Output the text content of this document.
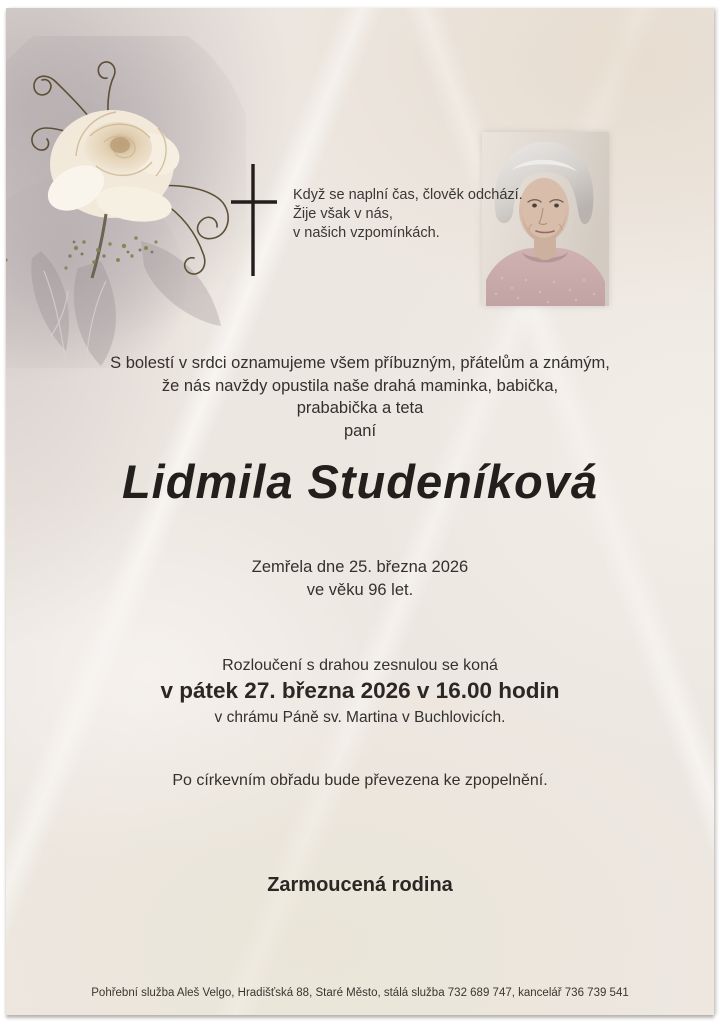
Když se naplní čas, člověk odchází.
Žije však v nás,
v našich vzpomínkách.
S bolestí v srdci oznamujeme všem příbuzným, přátelům a známým,
že nás navždy opustila naše drahá maminka, babička,
prababička a teta
paní
Lidmila Studeníková
Zemřela dne 25. března 2026
ve věku 96 let.
Rozloučení s drahou zesnulou se koná
v pátek 27. března 2026 v 16.00 hodin
v chrámu Páně sv. Martina v Buchlovicích.
Po církevním obřadu bude převezena ke zpopelnění.
Zarmoucená rodina
Pohřební služba Aleš Velgo, Hradišťská 88, Staré Město, stálá služba 732 689 747, kancelář 736 739 541
